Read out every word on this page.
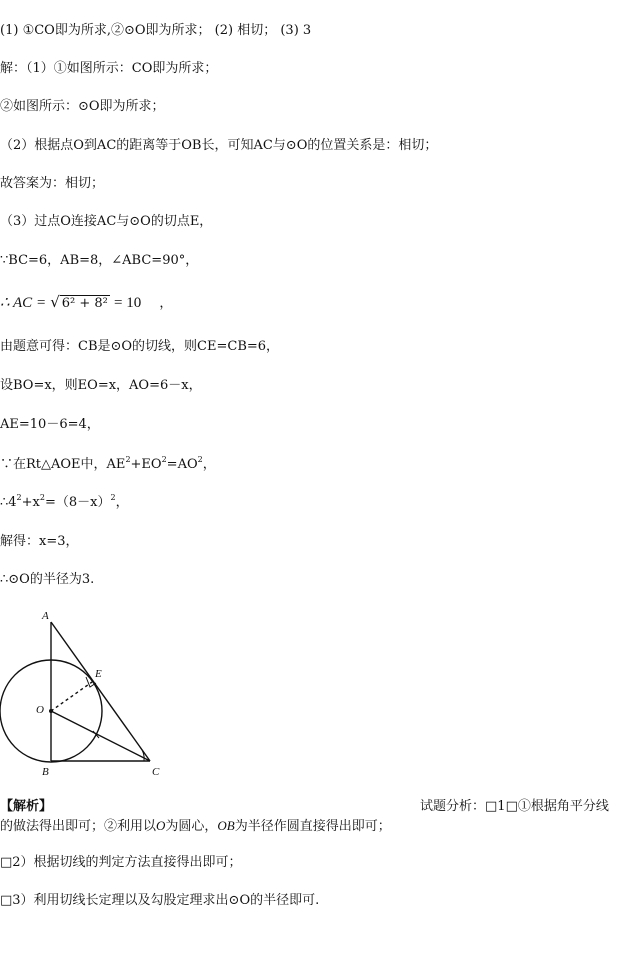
(1) ①CO即为所求,②⊙O即为所求； (2) 相切； (3) 3
解：（1）①如图所示：CO即为所求；
②如图所示：⊙O即为所求；
（2）根据点O到AC的距离等于OB长，可知AC与⊙O的位置关系是：相切；
故答案为：相切；
（3）过点O连接AC与⊙O的切点E，
∵BC=6，AB=8，∠ABC=90°，
∴ AC = √ 6² + 8² = 10 ，
由题意可得：CB是⊙O的切线，则CE=CB=6，
设BO=x，则EO=x，AO=6－x，
AE=10－6=4，
∵在Rt△AOE中，$AE^2+EO^2=AO^2$，
$\therefore 4^2+x^2=(8-x)^2$，
解得：x=3，
∴⊙O的半径为3.
A
B	C
E
O
【解析】	试题分析：□1□①根据角平分线
的做法得出即可；②利用以O为圆心，OB为半径作圆直接得出即可；
□2）根据切线的判定方法直接得出即可；
□3）利用切线长定理以及勾股定理求出⊙O的半径即可.
